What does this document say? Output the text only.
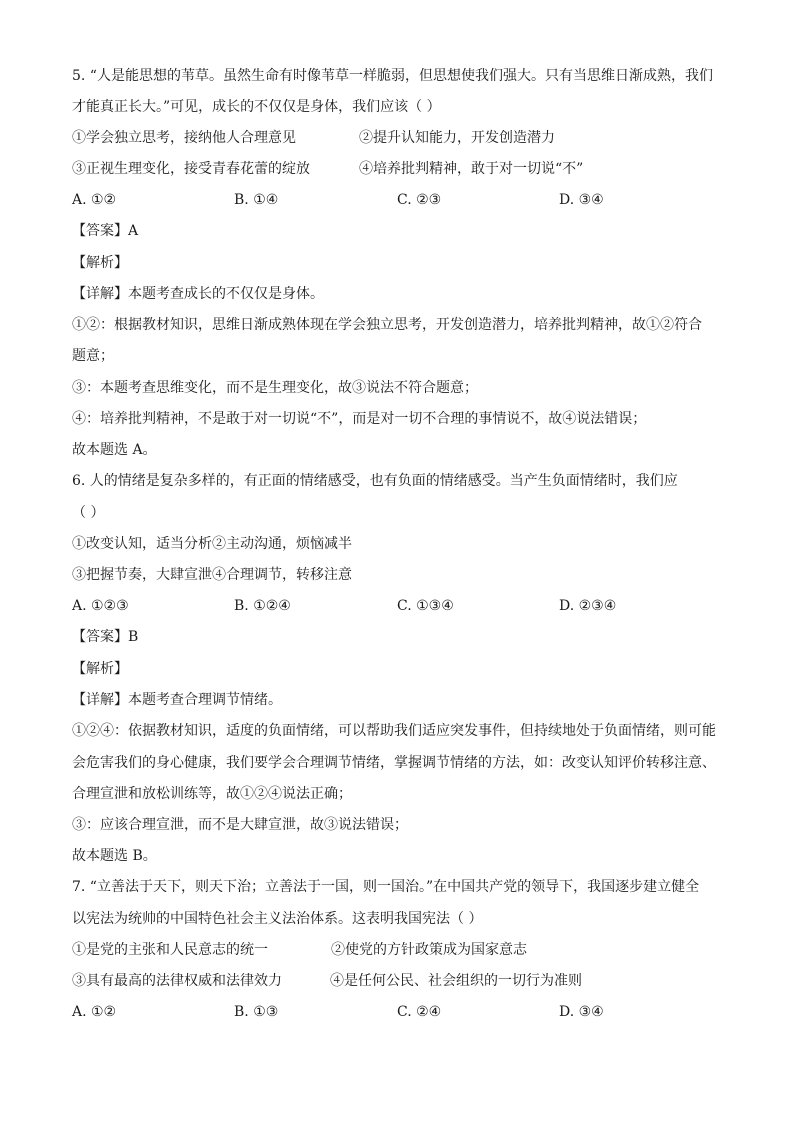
5. “人是能思想的苇草。虽然生命有时像苇草一样脆弱，但思想使我们强大。只有当思维日渐成熟，我们
才能真正长大。”可见，成长的不仅仅是身体，我们应该（ ）
①学会独立思考，接纳他人合理意见	②提升认知能力，开发创造潜力
③正视生理变化，接受青春花蕾的绽放	④培养批判精神，敢于对一切说“不”
A. ①②	B. ①④	C. ②③	D. ③④
【答案】A
【解析】
【详解】本题考查成长的不仅仅是身体。
①②：根据教材知识，思维日渐成熟体现在学会独立思考，开发创造潜力，培养批判精神，故①②符合
题意；
③：本题考查思维变化，而不是生理变化，故③说法不符合题意；
④：培养批判精神，不是敢于对一切说“不”，而是对一切不合理的事情说不，故④说法错误；
故本题选 A。
6. 人的情绪是复杂多样的，有正面的情绪感受，也有负面的情绪感受。当产生负面情绪时，我们应
（ ）
①改变认知，适当分析②主动沟通，烦恼减半
③把握节奏，大肆宣泄④合理调节，转移注意
A. ①②③	B. ①②④	C. ①③④	D. ②③④
【答案】B
【解析】
【详解】本题考查合理调节情绪。
①②④：依据教材知识，适度的负面情绪，可以帮助我们适应突发事件，但持续地处于负面情绪，则可能
会危害我们的身心健康，我们要学会合理调节情绪，掌握调节情绪的方法，如：改变认知评价转移注意、
合理宣泄和放松训练等，故①②④说法正确；
③：应该合理宣泄，而不是大肆宣泄，故③说法错误；
故本题选 B。
7. “立善法于天下，则天下治；立善法于一国，则一国治。”在中国共产党的领导下，我国逐步建立健全
以宪法为统帅的中国特色社会主义法治体系。这表明我国宪法（ ）
①是党的主张和人民意志的统一	②使党的方针政策成为国家意志
③具有最高的法律权威和法律效力	④是任何公民、社会组织的一切行为准则
A. ①②	B. ①③	C. ②④	D. ③④
